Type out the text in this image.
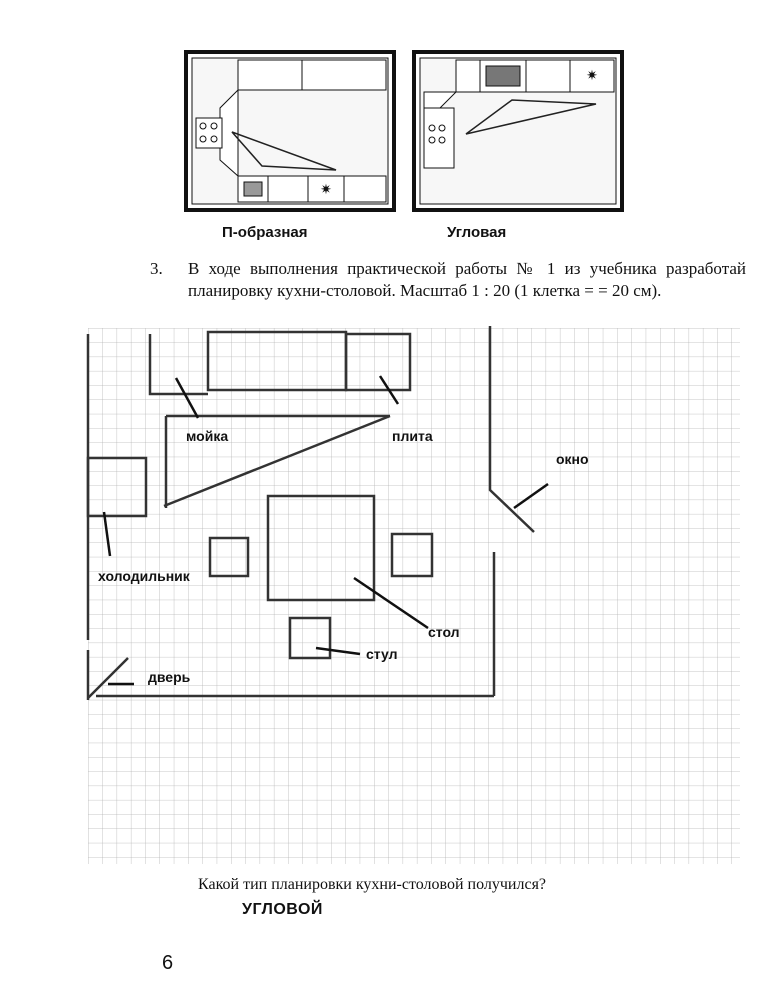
✷
✷
П-образная	Угловая
3. В ходе выполнения практической работы № 1 из учебника разработай планировку кухни-столовой. Масштаб 1 : 20 (1 клетка = = 20 см).
мойка	плита
окно
холодильник
стол
стул
дверь
Какой тип планировки кухни-столовой получился?
УГЛОВОЙ
6
